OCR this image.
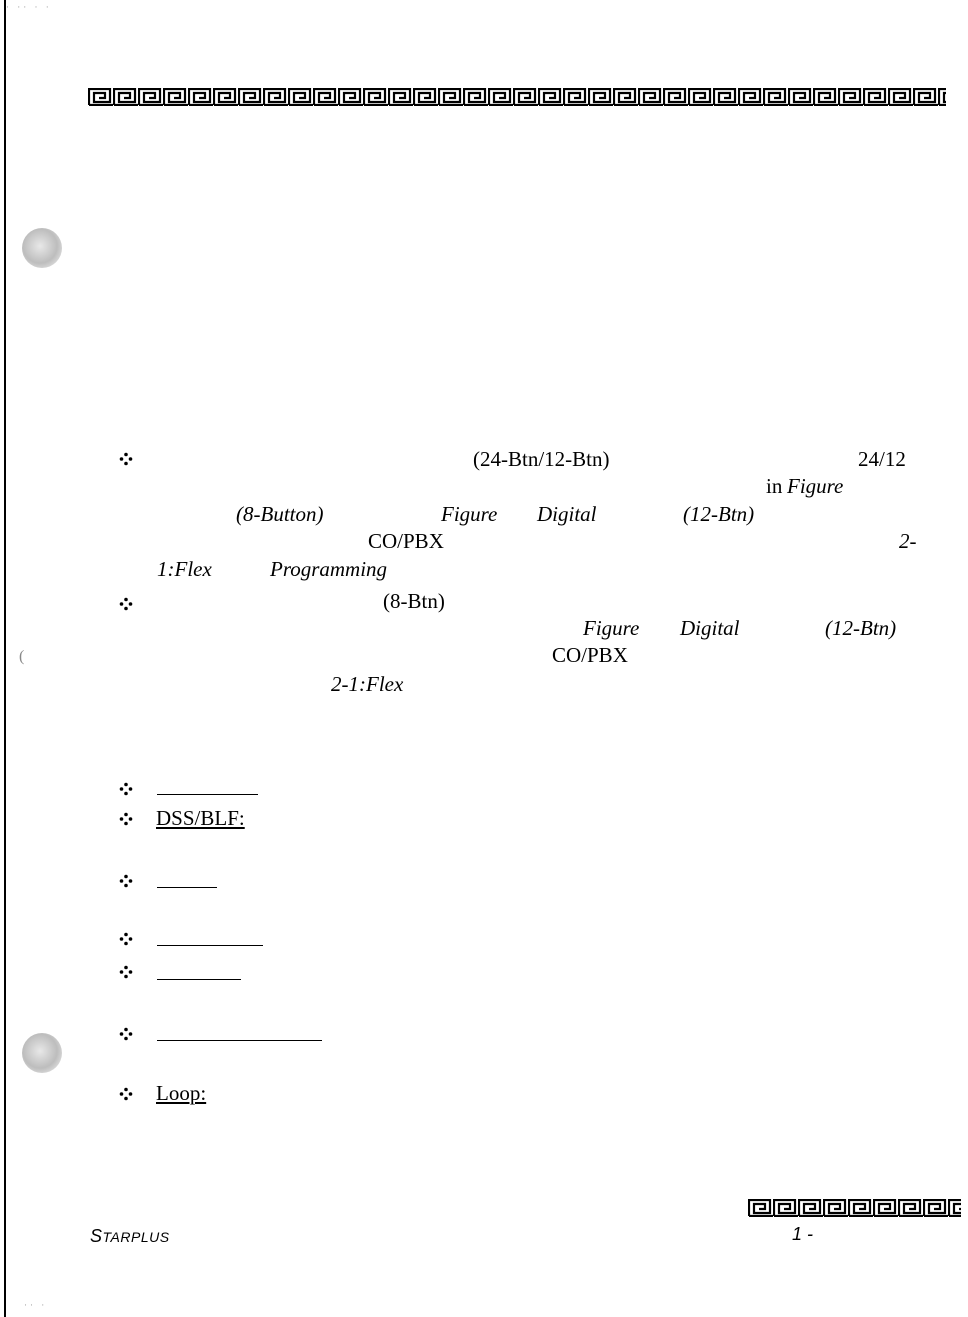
· ·· · ·
·· ·
(
(24-Btn/12-Btn)	24/12
in Figure
(8-Button)	Figure Digital	(12-Btn)
CO/PBX	2-
1:Flex	Programming
(8-Btn)
Figure Digital	(12-Btn)
CO/PBX
2-1:Flex
DSS/BLF:
Loop:
STARPLUS	1 -
